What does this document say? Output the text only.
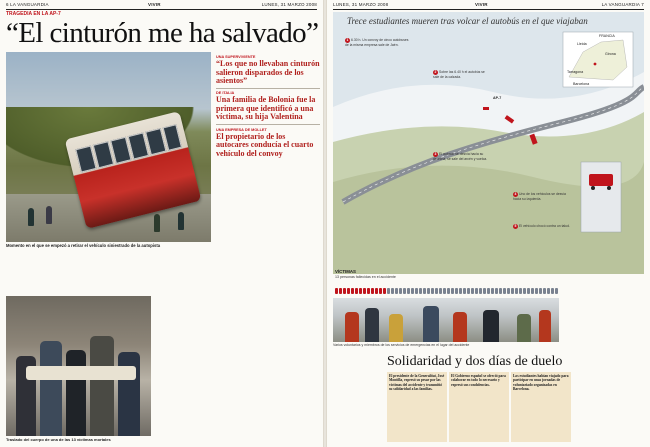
6 LA VANGUARDIA	VIVIR	LUNES, 31 MARZO 2008
TRAGEDIA EN LA AP-7
“El cinturón me ha salvado”
Momento en el que se empezó a retirar el vehículo siniestrado de la autopista
UNA SUPERVIVIENTE
“Los que no llevaban cinturón salieron disparados de los asientos”
DE ITALIA
Una familia de Bolonia fue la primera que identificó a una víctima, su hija Valentina
UNA EMPRESA DE MOLLET
El propietario de los autocares conducía el cuarto vehículo del convoy
Traslado del cuerpo de una de las 13 víctimas mortales
LUNES, 31 MARZO 2008	VIVIR	LA VANGUARDIA 7
Trece estudiantes mueren tras volcar el autobús en el que viajaban
1 6.30 h. Un convoy de cinco autobuses de la misma empresa sale de Jaén.
2 Sobre las 6.40 h el autobús se sale de la calzada.
3 El autocar se desvía hacia su derecha, se sale del arcén y vuelca.
4 Uno de los vehículos se desvía hacia su izquierda.
5 El vehículo chocó contra un talud.
Barcelona
Girona
FRANCIA
Lleida
Tarragona
AP-7
VÍCTIMAS
13 personas fallecidas en el accidente
Varios voluntarios y miembros de los servicios de emergencias en el lugar del accidente
Solidaridad y dos días de duelo
El presidente de la Generalitat, José Montilla, expresó su pesar por las víctimas del accidente y transmitió su solidaridad a las familias.
El Gobierno español se ofreció para colaborar en todo lo necesario y expresó sus condolencias.
Los estudiantes habían viajado para participar en unas jornadas de voluntariado organizadas en Barcelona.
